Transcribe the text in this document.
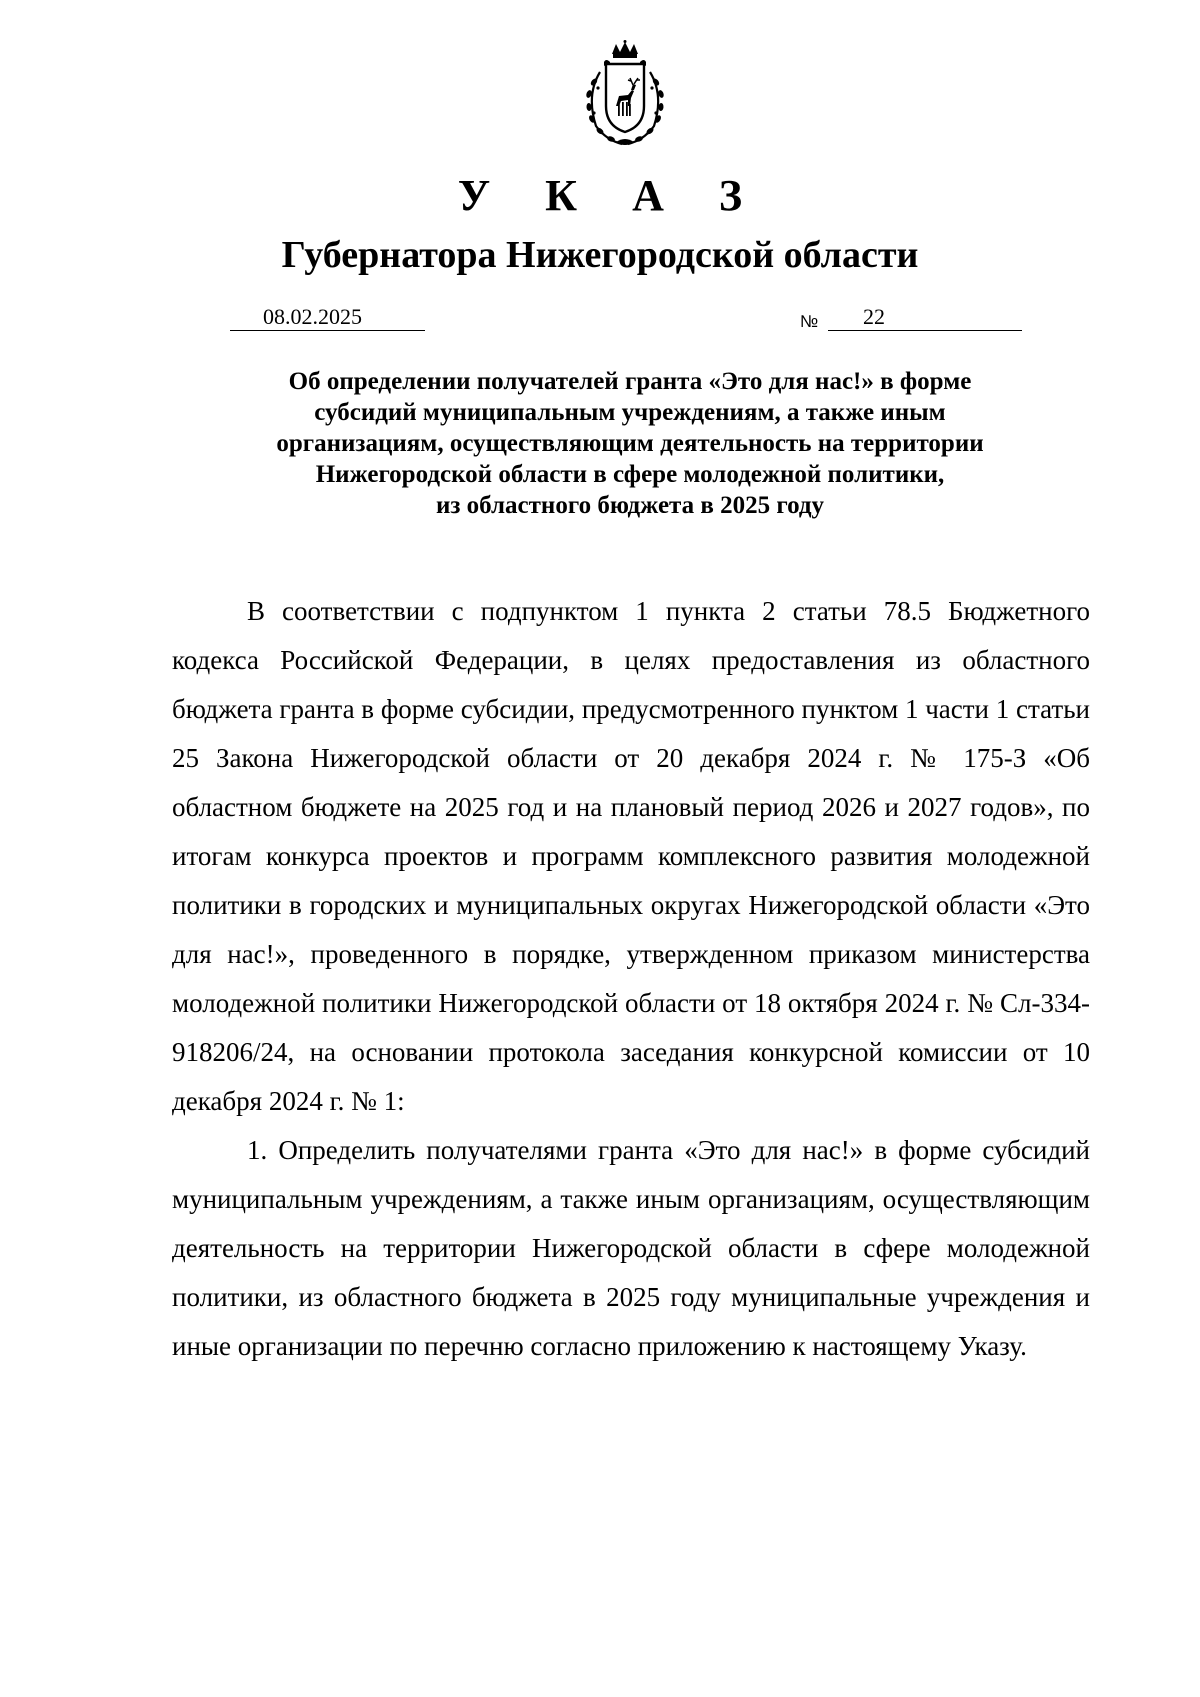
У К А З
Губернатора Нижегородской области
08.02.2025	№ 22
Об определении получателей гранта «Это для нас!» в форме
субсидий муниципальным учреждениям, а также иным
организациям, осуществляющим деятельность на территории
Нижегородской области в сфере молодежной политики,
из областного бюджета в 2025 году

В соответствии с подпунктом 1 пункта 2 статьи 78.5 Бюджетного кодекса Российской Федерации, в целях предоставления из областного бюджета гранта в форме субсидии, предусмотренного пунктом 1 части 1 статьи 25 Закона Нижегородской области от 20 декабря 2024 г. № 175-З «Об областном бюджете на 2025 год и на плановый период 2026 и 2027 годов», по итогам конкурса проектов и программ комплексного развития молодежной политики в городских и муниципальных округах Нижегородской области «Это для нас!», проведенного в порядке, утвержденном приказом министерства молодежной политики Нижегородской области от 18 октября 2024 г. № Сл-334-918206/24, на основании протокола заседания конкурсной комиссии от 10 декабря 2024 г. № 1:

1. Определить получателями гранта «Это для нас!» в форме субсидий муниципальным учреждениям, а также иным организациям, осуществляющим деятельность на территории Нижегородской области в сфере молодежной политики, из областного бюджета в 2025 году муниципальные учреждения и иные организации по перечню согласно приложению к настоящему Указу.
